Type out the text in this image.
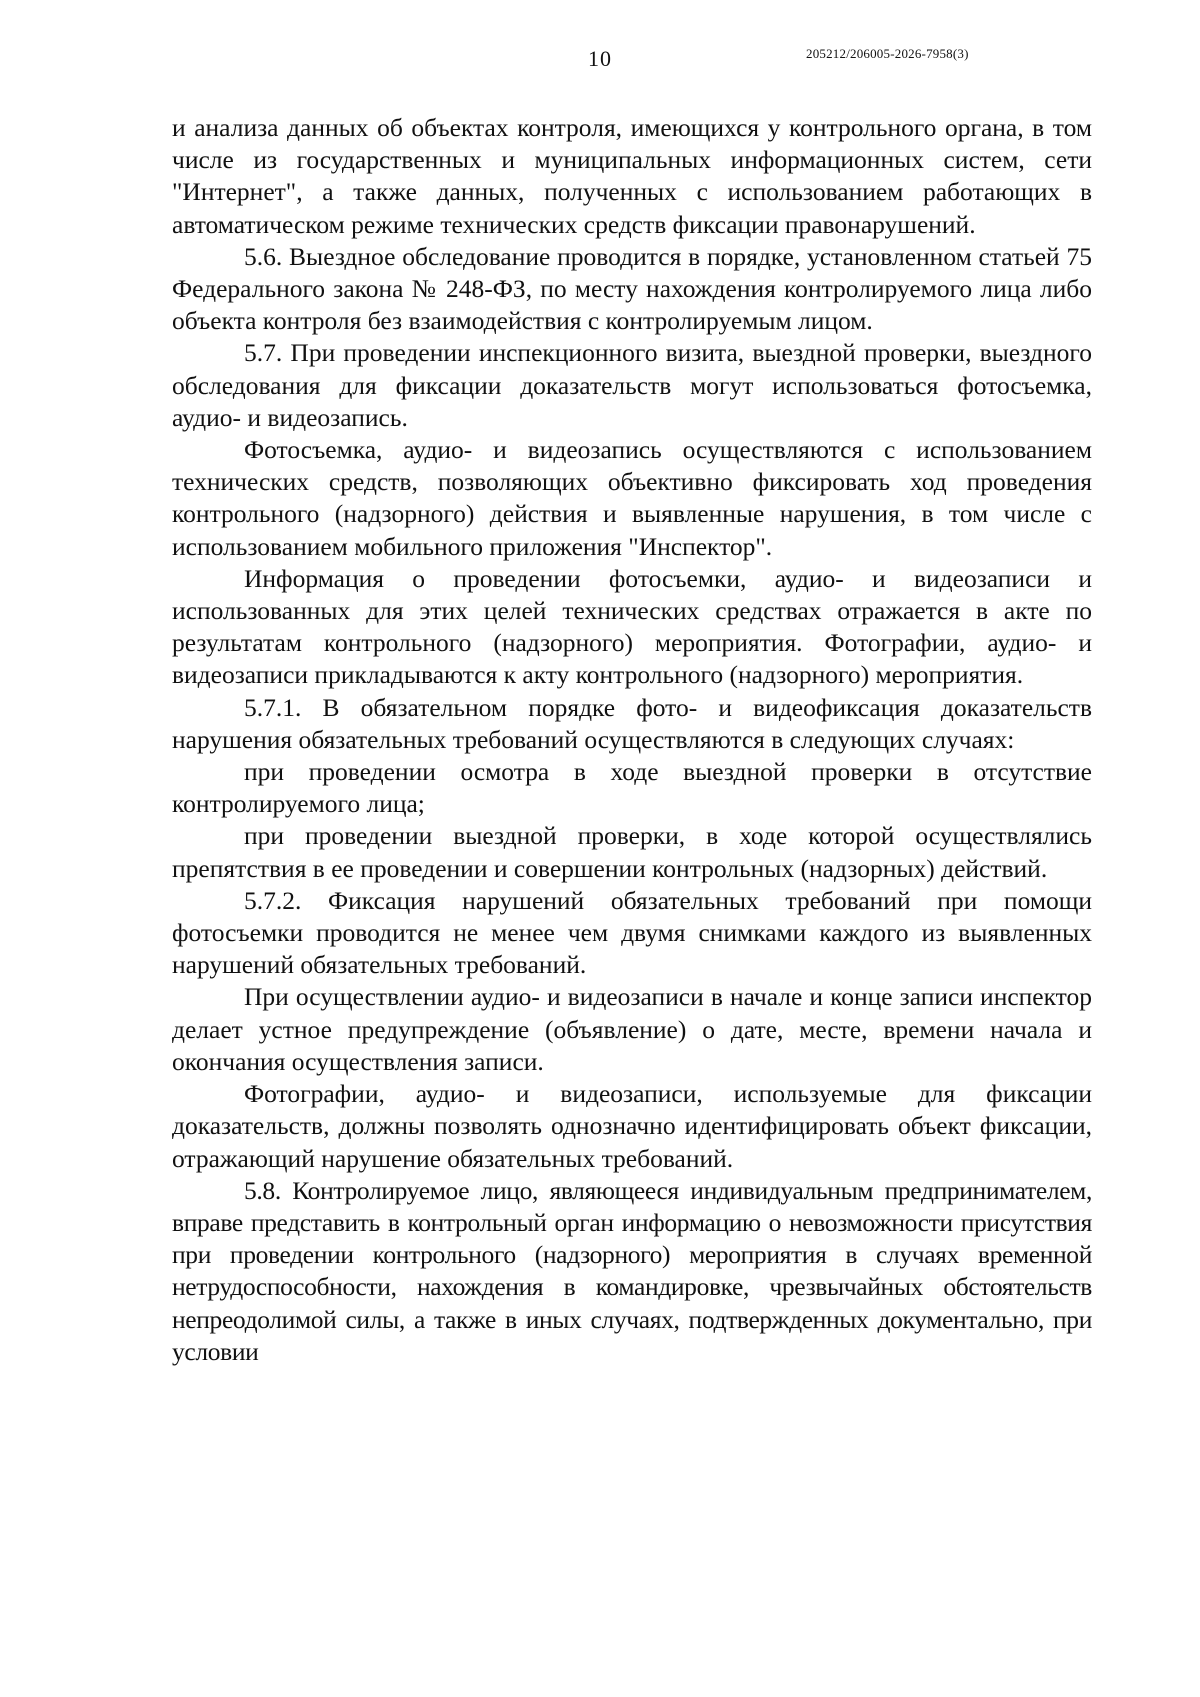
10	205212/206005-2026-7958(3)

и анализа данных об объектах контроля, имеющихся у контрольного органа, в том числе из государственных и муниципальных информационных систем, сети "Интернет", а также данных, полученных с использованием работающих в автоматическом режиме технических средств фиксации правонарушений.

5.6. Выездное обследование проводится в порядке, установленном статьей 75 Федерального закона № 248-ФЗ, по месту нахождения контролируемого лица либо объекта контроля без взаимодействия с контролируемым лицом.

5.7. При проведении инспекционного визита, выездной проверки, выездного обследования для фиксации доказательств могут использоваться фотосъемка, аудио- и видеозапись.

Фотосъемка, аудио- и видеозапись осуществляются с использованием технических средств, позволяющих объективно фиксировать ход проведения контрольного (надзорного) действия и выявленные нарушения, в том числе с использованием мобильного приложения "Инспектор".

Информация о проведении фотосъемки, аудио- и видеозаписи и использованных для этих целей технических средствах отражается в акте по результатам контрольного (надзорного) мероприятия. Фотографии, аудио- и видеозаписи прикладываются к акту контрольного (надзорного) мероприятия.

5.7.1. В обязательном порядке фото- и видеофиксация доказательств нарушения обязательных требований осуществляются в следующих случаях:

при проведении осмотра в ходе выездной проверки в отсутствие контролируемого лица;

при проведении выездной проверки, в ходе которой осуществлялись препятствия в ее проведении и совершении контрольных (надзорных) действий.

5.7.2. Фиксация нарушений обязательных требований при помощи фотосъемки проводится не менее чем двумя снимками каждого из выявленных нарушений обязательных требований.

При осуществлении аудио- и видеозаписи в начале и конце записи инспектор делает устное предупреждение (объявление) о дате, месте, времени начала и окончания осуществления записи.

Фотографии, аудио- и видеозаписи, используемые для фиксации доказательств, должны позволять однозначно идентифицировать объект фиксации, отражающий нарушение обязательных требований.

5.8. Контролируемое лицо, являющееся индивидуальным предпринимателем, вправе представить в контрольный орган информацию о невозможности присутствия при проведении контрольного (надзорного) мероприятия в случаях временной нетрудоспособности, нахождения в командировке, чрезвычайных обстоятельств непреодолимой силы, а также в иных случаях, подтвержденных документально, при условии
